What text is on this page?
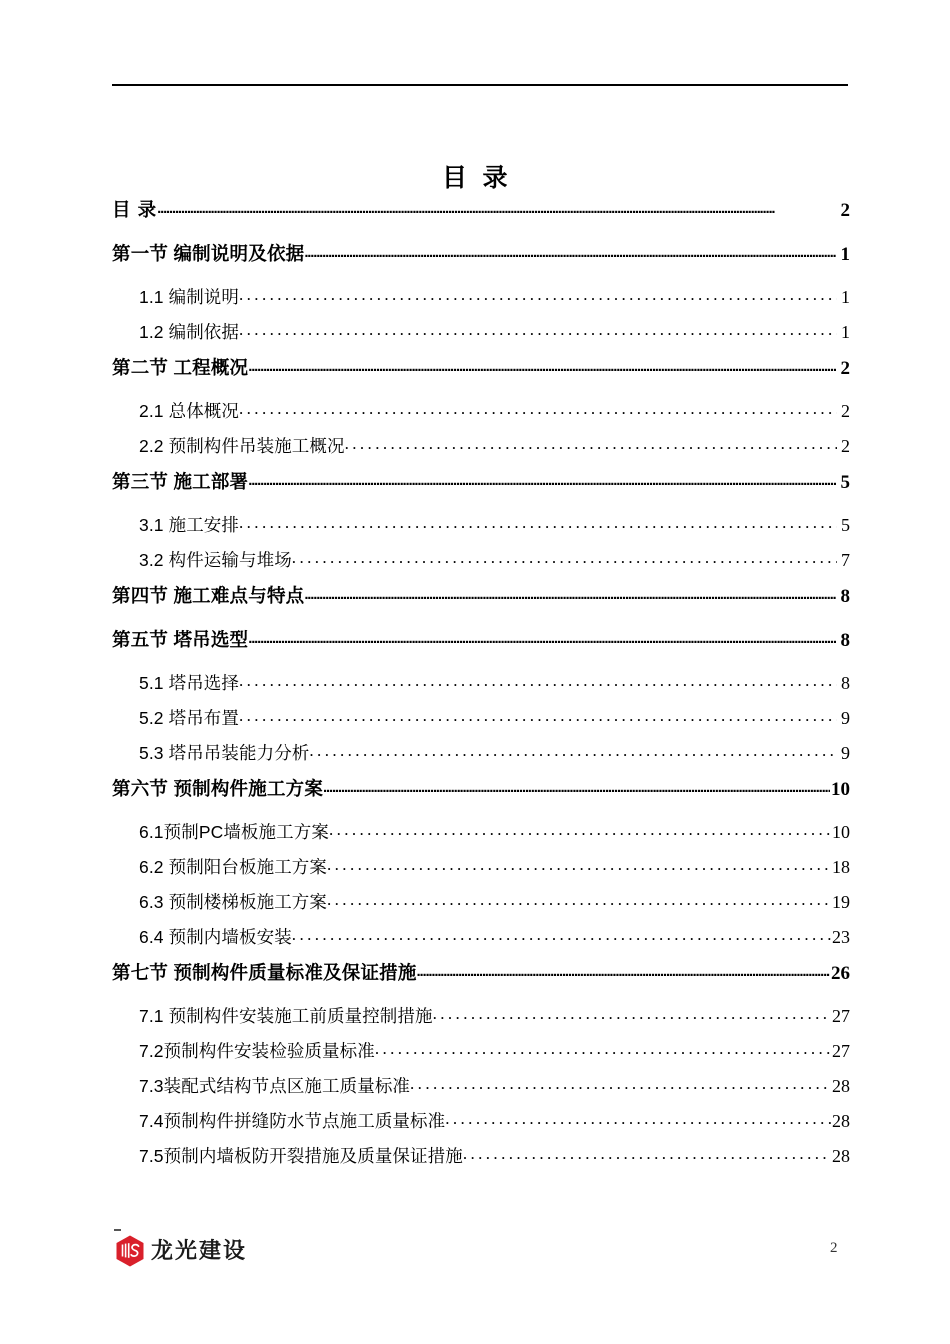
目  录
目 录 .....	2
第一节 编制说明及依据 .....	1
1.1 编制说明 .....	1
1.2 编制依据 .....	1
第二节 工程概况 .....	2
2.1 总体概况 .....	2
2.2 预制构件吊装施工概况 .....	2
第三节 施工部署 .....	5
3.1 施工安排 .....	5
3.2 构件运输与堆场 .....	7
第四节 施工难点与特点 .....	8
第五节 塔吊选型 .....	8
5.1 塔吊选择 .....	8
5.2 塔吊布置 .....	9
5.3 塔吊吊装能力分析 .....	9
第六节 预制构件施工方案 .....	10
6.1预制PC墙板施工方案 .....	10
6.2 预制阳台板施工方案 .....	18
6.3 预制楼梯板施工方案 .....	19
6.4 预制内墙板安装 .....	23
第七节 预制构件质量标准及保证措施 .....	26
7.1 预制构件安装施工前质量控制措施 .....	27
7.2预制构件安装检验质量标准 .....	27
7.3装配式结构节点区施工质量标准 .....	28
7.4预制构件拼缝防水节点施工质量标准 .....	28
7.5预制内墙板防开裂措施及质量保证措施 .....	28
龙光建设	2
